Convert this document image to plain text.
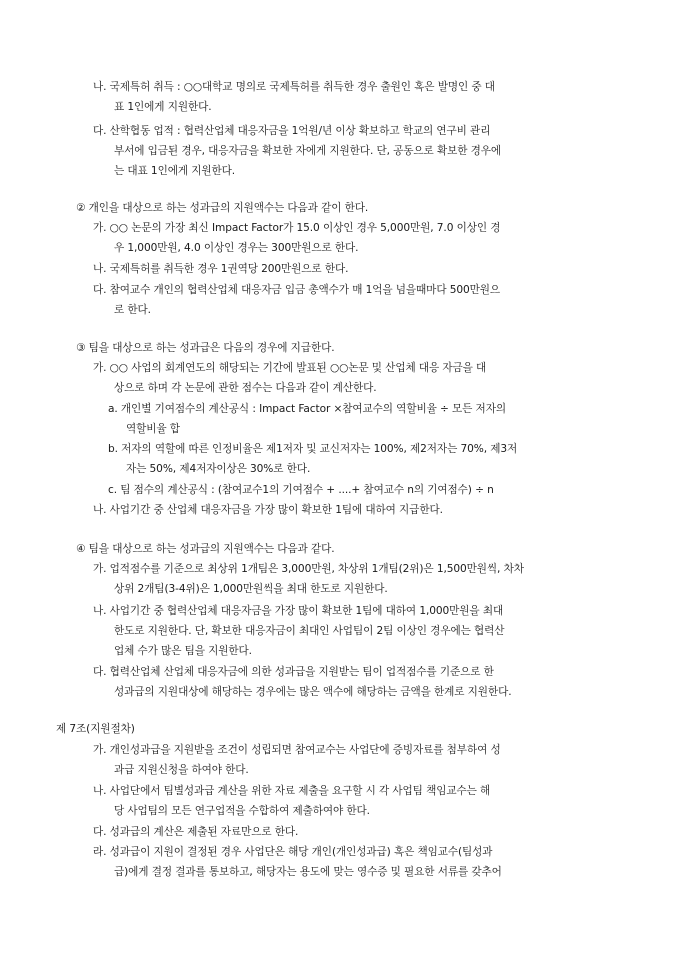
나. 국제특허 취득 : ○○대학교 명의로 국제특허를 취득한 경우 출원인 혹은 발명인 중 대
표 1인에게 지원한다.
다. 산학협동 업적 : 협력산업체 대응자금을 1억원/년 이상 확보하고 학교의 연구비 관리
부서에 입금된 경우, 대응자금을 확보한 자에게 지원한다. 단, 공동으로 확보한 경우에
는 대표 1인에게 지원한다.
② 개인을 대상으로 하는 성과급의 지원액수는 다음과 같이 한다.
가. ○○ 논문의 가장 최신 Impact Factor가 15.0 이상인 경우 5,000만원, 7.0 이상인 경
우 1,000만원, 4.0 이상인 경우는 300만원으로 한다.
나. 국제특허를 취득한 경우 1권역당 200만원으로 한다.
다. 참여교수 개인의 협력산업체 대응자금 입금 총액수가 매 1억을 넘을때마다 500만원으
로 한다.
③ 팀을 대상으로 하는 성과급은 다음의 경우에 지급한다.
가. ○○ 사업의 회계연도의 해당되는 기간에 발표된 ○○논문 및 산업체 대응 자금을 대
상으로 하며 각 논문에 관한 점수는 다음과 같이 계산한다.
a. 개인별 기여점수의 계산공식 : Impact Factor ×참여교수의 역할비율 ÷ 모든 저자의
역할비율 합
b. 저자의 역할에 따른 인정비율은 제1저자 및 교신저자는 100%, 제2저자는 70%, 제3저
자는 50%, 제4저자이상은 30%로 한다.
c. 팀 점수의 계산공식 : (참여교수1의 기여점수 + ....+ 참여교수 n의 기여점수) ÷ n
나. 사업기간 중 산업체 대응자금을 가장 많이 확보한 1팀에 대하여 지급한다.
④ 팀을 대상으로 하는 성과급의 지원액수는 다음과 같다.
가. 업적점수를 기준으로 최상위 1개팀은 3,000만원, 차상위 1개팀(2위)은 1,500만원씩, 차차
상위 2개팀(3-4위)은 1,000만원씩을 최대 한도로 지원한다.
나. 사업기간 중 협력산업체 대응자금을 가장 많이 확보한 1팀에 대하여 1,000만원을 최대
한도로 지원한다. 단, 확보한 대응자금이 최대인 사업팀이 2팀 이상인 경우에는 협력산
업체 수가 많은 팀을 지원한다.
다. 협력산업체 산업체 대응자금에 의한 성과급을 지원받는 팀이 업적점수를 기준으로 한
성과급의 지원대상에 해당하는 경우에는 많은 액수에 해당하는 금액을 한계로 지원한다.
제 7조(지원절차)
가. 개인성과급을 지원받을 조건이 성립되면 참여교수는 사업단에 증빙자료를 첨부하여 성
과급 지원신청을 하여야 한다.
나. 사업단에서 팀별성과급 계산을 위한 자료 제출을 요구할 시 각 사업팀 책임교수는 해
당 사업팀의 모든 연구업적을 수합하여 제출하여야 한다.
다. 성과급의 계산은 제출된 자료만으로 한다.
라. 성과급이 지원이 결정된 경우 사업단은 해당 개인(개인성과급) 혹은 책임교수(팀성과
급)에게 결정 결과를 통보하고, 해당자는 용도에 맞는 영수증 및 필요한 서류를 갖추어
